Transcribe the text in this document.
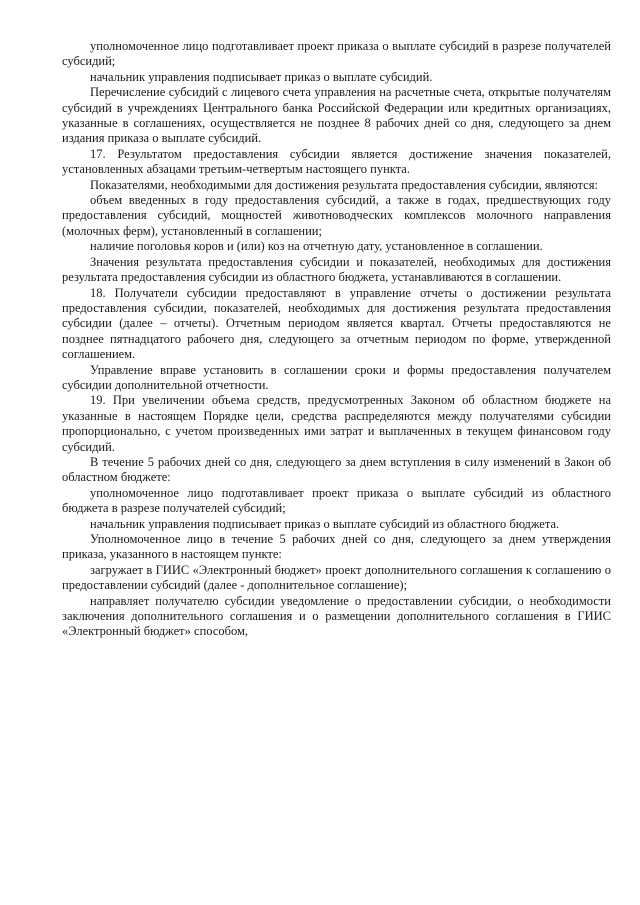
уполномоченное лицо подготавливает проект приказа о выплате субсидий в разрезе получателей субсидий;

начальник управления подписывает приказ о выплате субсидий.

Перечисление субсидий с лицевого счета управления на расчетные счета, открытые получателям субсидий в учреждениях Центрального банка Российской Федерации или кредитных организациях, указанные в соглашениях, осуществляется не позднее 8 рабочих дней со дня, следующего за днем издания приказа о выплате субсидий.

17. Результатом предоставления субсидии является достижение значения показателей, установленных абзацами третьим-четвертым настоящего пункта.

Показателями, необходимыми для достижения результата предоставления субсидии, являются:

объем введенных в году предоставления субсидий, а также в годах, предшествующих году предоставления субсидий, мощностей животноводческих комплексов молочного направления (молочных ферм), установленный в соглашении;

наличие поголовья коров и (или) коз на отчетную дату, установленное в соглашении.

Значения результата предоставления субсидии и показателей, необходимых для достижения результата предоставления субсидии из областного бюджета, устанавливаются в соглашении.

18. Получатели субсидии предоставляют в управление отчеты о достижении результата предоставления субсидии, показателей, необходимых для достижения результата предоставления субсидии (далее – отчеты). Отчетным периодом является квартал. Отчеты предоставляются не позднее пятнадцатого рабочего дня, следующего за отчетным периодом по форме, утвержденной соглашением.

Управление вправе установить в соглашении сроки и формы предоставления получателем субсидии дополнительной отчетности.

19. При увеличении объема средств, предусмотренных Законом об областном бюджете на указанные в настоящем Порядке цели, средства распределяются между получателями субсидии пропорционально, с учетом произведенных ими затрат и выплаченных в текущем финансовом году субсидий.

В течение 5 рабочих дней со дня, следующего за днем вступления в силу изменений в Закон об областном бюджете:

уполномоченное лицо подготавливает проект приказа о выплате субсидий из областного бюджета в разрезе получателей субсидий;

начальник управления подписывает приказ о выплате субсидий из областного бюджета.

Уполномоченное лицо в течение 5 рабочих дней со дня, следующего за днем утверждения приказа, указанного в настоящем пункте:

загружает в ГИИС «Электронный бюджет» проект дополнительного соглашения к соглашению о предоставлении субсидий (далее - дополнительное соглашение);

направляет получателю субсидии уведомление о предоставлении субсидии, о необходимости заключения дополнительного соглашения и о размещении дополнительного соглашения в ГИИС «Электронный бюджет» способом,
